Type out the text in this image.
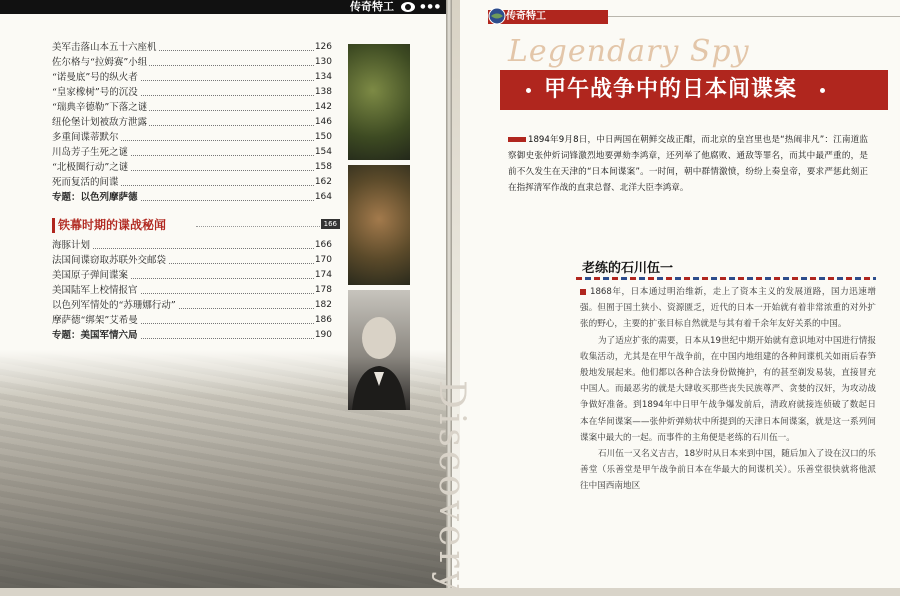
传奇特工	●●●
美军击落山本五十六座机	126
佐尔格与“拉姆赛”小组	130
“诺曼底”号的纵火者	134
“皇家橡树”号的沉没	138
“瑞典辛德勒”下落之谜	142
纽伦堡计划被敌方泄露	146
多重间谍蒂默尔	150
川岛芳子生死之谜	154
“北极圈行动”之谜	158
死而复活的间谍	162
专题：以色列摩萨德	164
铁幕时期的谍战秘闻	166
海豚计划	166
法国间谍窃取苏联外交邮袋	170
美国原子弹间谍案	174
美国陆军上校情报官	178
以色列军情处的“苏珊娜行动”	182
摩萨德“绑架”艾希曼	186
专题：美国军情六局	190
传奇特工
Legendary Spy
甲午战争中的日本间谍案
1894年9月8日，中日两国在朝鲜交战正酣，而北京的皇宫里也是“热闹非凡”：江南道监察御史张仲炘词锋激烈地要弹劾李鸿章，还列举了他腐败、通敌等罪名，而其中最严重的，是前不久发生在天津的“日本间谍案”。一时间，朝中群情激愤，纷纷上奏皇帝，要求严惩此刻正在指挥清军作战的直隶总督、北洋大臣李鸿章。
Discovery
老练的石川伍一

1868年，日本通过明治维新，走上了资本主义的发展道路，国力迅速增强。但囿于国土狭小、资源匮乏，近代的日本一开始就有着非常浓重的对外扩张的野心，主要的扩张目标自然就是与其有着千余年友好关系的中国。

为了适应扩张的需要，日本从19世纪中期开始就有意识地对中国进行情报收集活动，尤其是在甲午战争前，在中国内地组建的各种间谍机关如雨后春笋般地发展起来。他们都以各种合法身份做掩护，有的甚至剃发易装，直接冒充中国人。而最恶劣的就是大肆收买那些丧失民族尊严、贪婪的汉奸，为攻动战争做好准备。到1894年中日甲午战争爆发前后，清政府就接连侦破了数起日本在华间谍案——张仲炘弹劾状中所提到的天津日本间谍案，就是这一系列间谍案中最大的一起。而事件的主角便是老练的石川伍一。

石川伍一又名义吉吉，18岁时从日本来到中国，随后加入了设在汉口的乐善堂（乐善堂是甲午战争前日本在华最大的间谍机关）。乐善堂很快就将他派往中国西南地区
